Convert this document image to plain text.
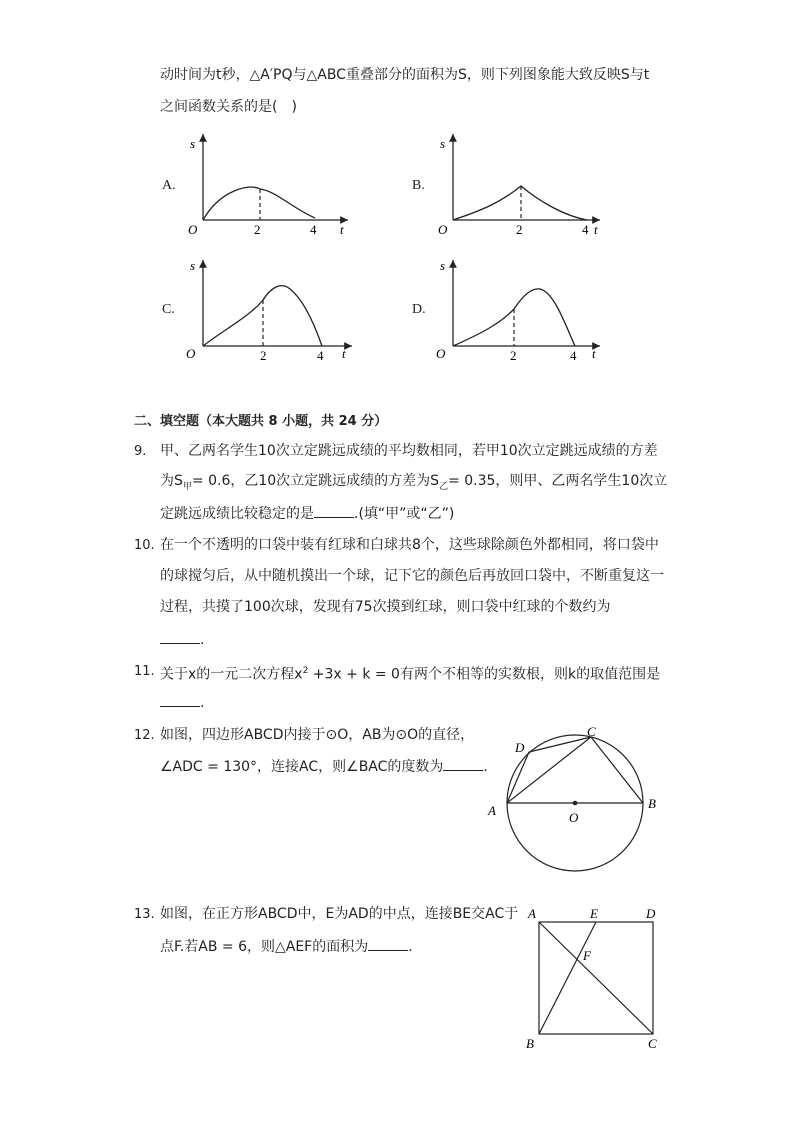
动时间为t秒，△A′PQ与△ABC重叠部分的面积为S，则下列图象能大致反映S与t
之间函数关系的是(　)
A.
s
O	2	4 t
B.
s
O	2	4 t
C.
s
O	2	4 t
D.
s
O	2	4 t
二、填空题（本大题共 8 小题，共 24 分）
9. 甲、乙两名学生10次立定跳远成绩的平均数相同，若甲10次立定跳远成绩的方差
为$S_甲= 0.6$，乙10次立定跳远成绩的方差为$S_乙= 0.35$，则甲、乙两名学生10次立
定跳远成绩比较稳定的是	.(填“甲”或“乙”)
10. 在一个不透明的口袋中装有红球和白球共8个，这些球除颜色外都相同，将口袋中
的球搅匀后，从中随机摸出一个球，记下它的颜色后再放回口袋中，不断重复这一
过程，共摸了100次球，发现有75次摸到红球，则口袋中红球的个数约为
.
11. 关于x的一元二次方程$x^2 +3x + k = 0$有两个不相等的实数根，则k的取值范围是
.
12. 如图，四边形ABCD内接于⊙O，AB为⊙O的直径，
∠ADC = 130°，连接AC，则∠BAC的度数为	.
A	B
C
D
O
13. 如图，在正方形ABCD中，E为AD的中点，连接BE交AC于
点F.若AB = 6，则△AEF的面积为	.
A	E	D
F
B	C
